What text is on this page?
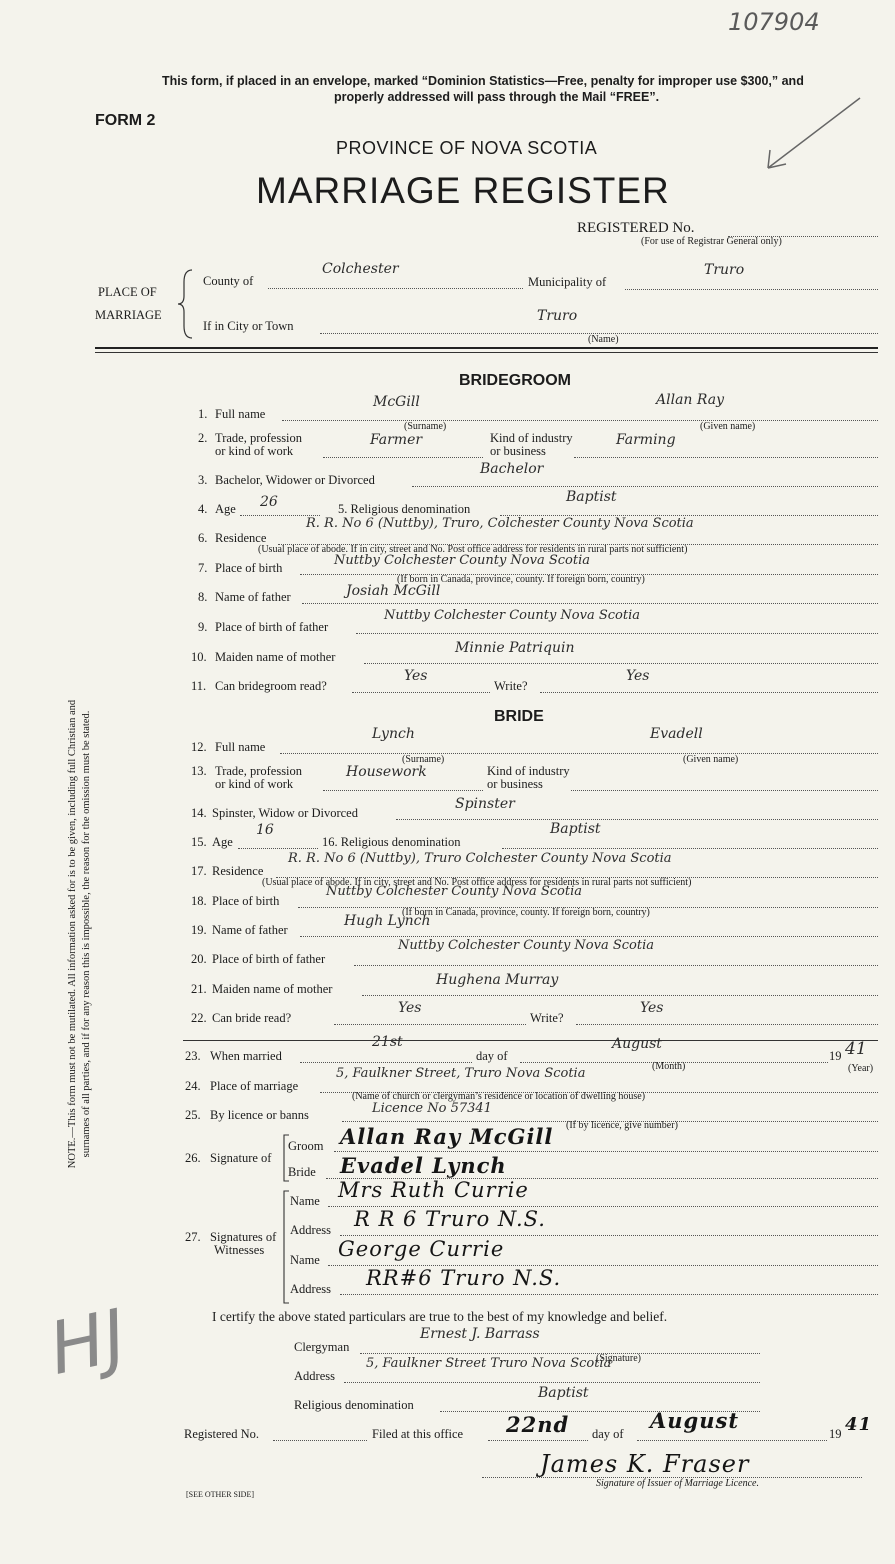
107904
This form, if placed in an envelope, marked “Dominion Statistics—Free, penalty for improper use $300,” and
properly addressed will pass through the Mail “FREE”.
FORM 2
PROVINCE OF NOVA SCOTIA
MARRIAGE REGISTER
REGISTERED No.
(For use of Registrar General only)
PLACE OF
MARRIAGE
County of
Colchester
Municipality of
Truro
If in City or Town
Truro
(Name)
NOTE.—This form must not be mutilated. All information asked for is to be given, including full Christian and surnames of all parties, and if for any reason this is impossible, the reason for the omission must be stated.
HJ
BRIDEGROOM
1. Full name
McGill	Allan Ray
(Surname)	(Given name)
2. Trade, profession
or kind of work
Farmer	Kind of industry
or business
Farming
3. Bachelor, Widower or Divorced
Bachelor
4. Age 26	5. Religious denomination
Baptist
6. Residence
R. R. No 6 (Nuttby), Truro, Colchester County Nova Scotia
(Usual place of abode. If in city, street and No. Post office address for residents in rural parts not sufficient)
7. Place of birth	Nuttby Colchester County Nova Scotia
(If born in Canada, province, county. If foreign born, country)
8. Name of father	Josiah McGill
9. Place of birth of father
Nuttby Colchester County Nova Scotia
10. Maiden name of mother
Minnie Patriquin
11. Can bridegroom read?
Yes
Write?
Yes
BRIDE
12. Full name
Lynch	Evadell
(Surname)	(Given name)
13. Trade, profession
or kind of work
Housework	Kind of industry
or business
14. Spinster, Widow or Divorced
Spinster
15. Age
16
16. Religious denomination
Baptist
17. Residence
R. R. No 6 (Nuttby), Truro Colchester County Nova Scotia
(Usual place of abode. If in city, street and No. Post office address for residents in rural parts not sufficient)
18. Place of birth
Nuttby Colchester County Nova Scotia
(If born in Canada, province, county. If foreign born, country)
19. Name of father
Hugh Lynch
20. Place of birth of father
Nuttby Colchester County Nova Scotia
21. Maiden name of mother
Hughena Murray
22. Can bride read?
Yes
Write?
Yes
23. When married
21st
day of
August
(Month)
19 41
(Year)
24. Place of marriage
5, Faulkner Street, Truro Nova Scotia
(Name of church or clergyman’s residence or location of dwelling house)
25. By licence or banns	Licence No 57341
(If by licence, give number)
26. Signature of
Groom Allan Ray McGill
Bride Evadel Lynch
27. Signatures of
Witnesses
Name Mrs Ruth Currie
Address R R 6 Truro N.S.
Name George Currie
Address RR#6 Truro N.S.
I certify the above stated particulars are true to the best of my knowledge and belief.
Clergyman
Ernest J. Barrass
(Signature)
Address
5, Faulkner Street Truro Nova Scotia
Religious denomination
Baptist
Registered No.	Filed at this office 22nd day of
August
19 41
James K. Fraser
Signature of Issuer of Marriage Licence.
[SEE OTHER SIDE]
